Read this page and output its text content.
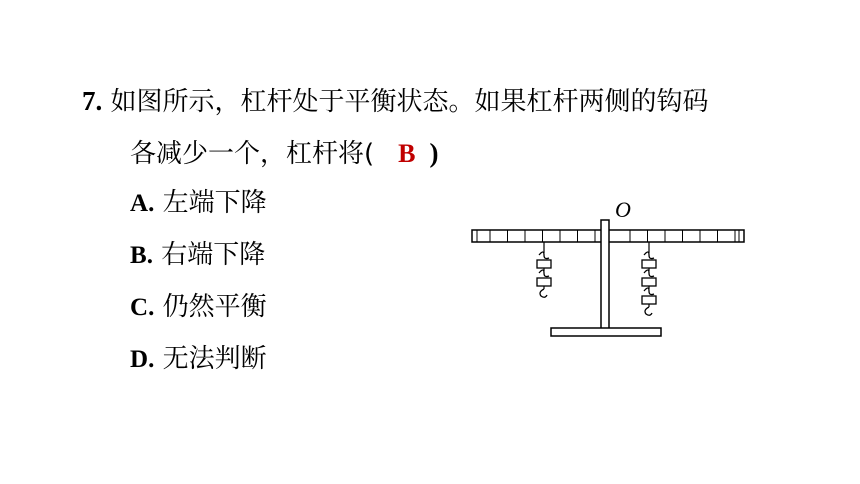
7. 如图所示，杠杆处于平衡状态。如果杠杆两侧的钩码
各减少一个，杠杆将( B )
A. 左端下降
B. 右端下降
C. 仍然平衡
D. 无法判断
O
